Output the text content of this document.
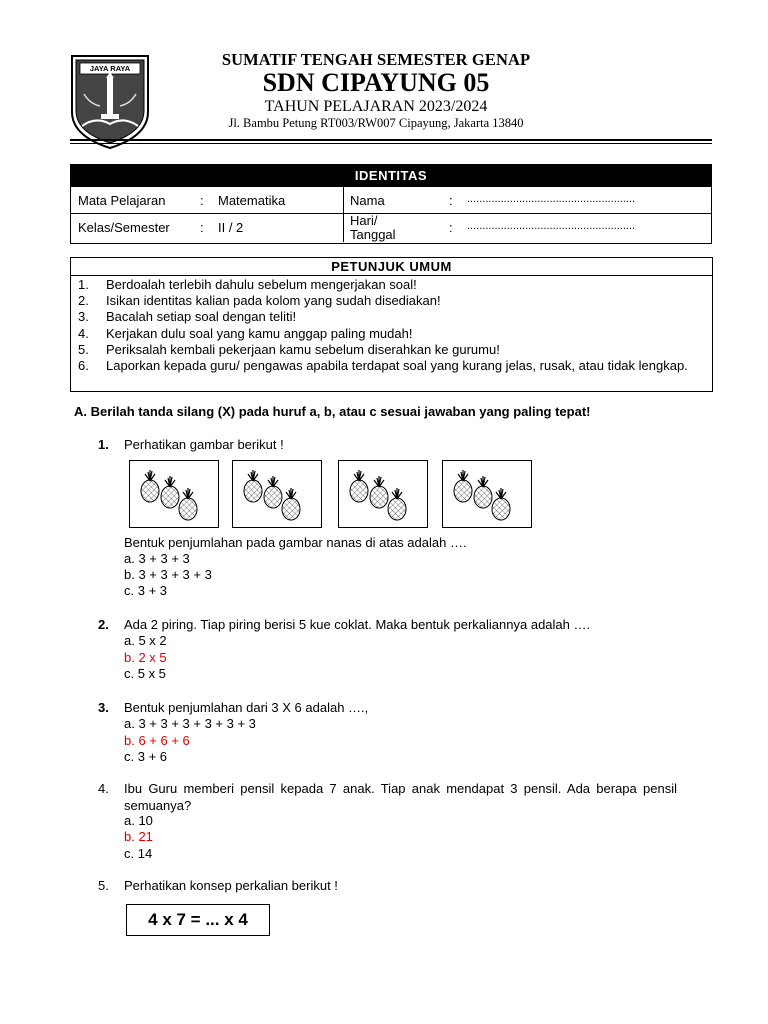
JAYA RAYA	SUMATIF TENGAH SEMESTER GENAP
SDN CIPAYUNG 05
TAHUN PELAJARAN 2023/2024
Jl. Bambu Petung RT003/RW007 Cipayung, Jakarta 13840
IDENTITAS
Mata Pelajaran	: Matematika
Kelas/Semester : II / 2
Nama	: .......................................................
Hari/
Tanggal	: .......................................................
PETUNJUK UMUM
1.	Berdoalah terlebih dahulu sebelum mengerjakan soal!
2.	Isikan identitas kalian pada kolom yang sudah disediakan!
3.	Bacalah setiap soal dengan teliti!
4.	Kerjakan dulu soal yang kamu anggap paling mudah!
5.	Periksalah kembali pekerjaan kamu sebelum diserahkan ke gurumu!
6.	Laporkan kepada guru/ pengawas apabila terdapat soal yang kurang jelas, rusak, atau tidak lengkap.
A. Berilah tanda silang (X) pada huruf a, b, atau c sesuai jawaban yang paling tepat!
1. Perhatikan gambar berikut !
Bentuk penjumlahan pada gambar nanas di atas adalah ….
a. 3 + 3 + 3
b. 3 + 3 + 3 + 3
c. 3 + 3
2. Ada 2 piring. Tiap piring berisi 5 kue coklat. Maka bentuk perkaliannya adalah ….
a. 5 x 2
b. 2 x 5
c. 5 x 5
3. Bentuk penjumlahan dari 3 X 6 adalah ….,
a. 3 + 3 + 3 + 3 + 3 + 3
b. 6 + 6 + 6
c. 3 + 6
4. Ibu Guru memberi pensil kepada 7 anak. Tiap anak mendapat 3 pensil. Ada berapa pensil semuanya?
a. 10
b. 21
c. 14
5. Perhatikan konsep perkalian berikut !
4 x 7 = ... x 4
